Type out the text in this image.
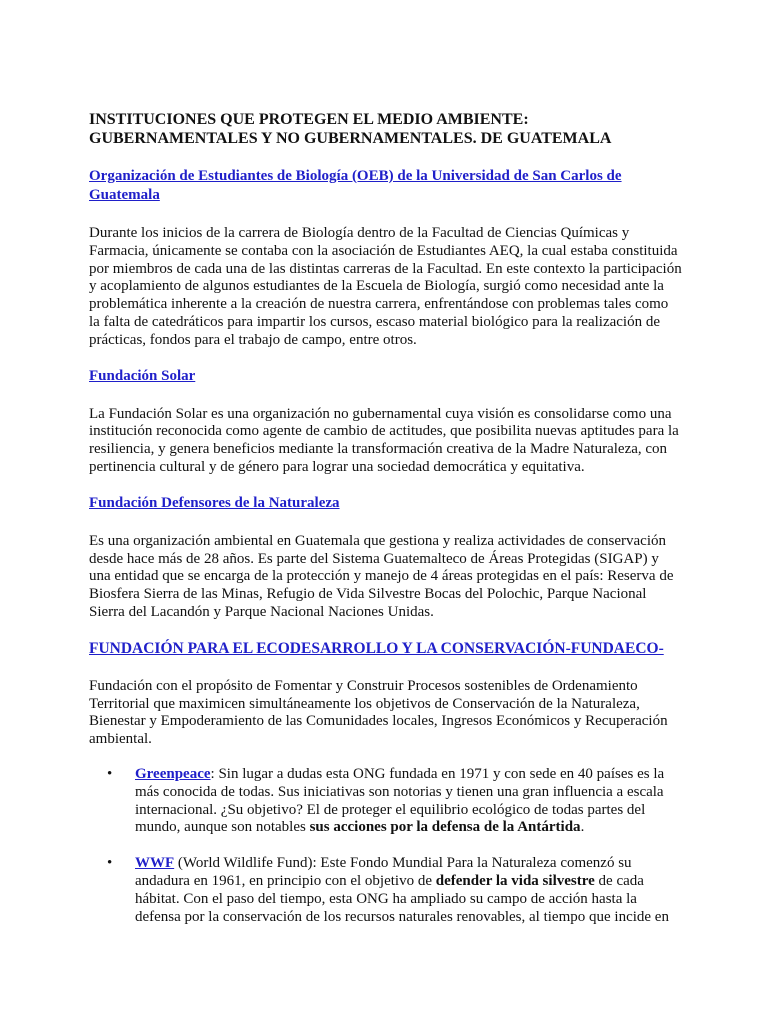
INSTITUCIONES QUE PROTEGEN EL MEDIO AMBIENTE: GUBERNAMENTALES Y NO GUBERNAMENTALES. DE GUATEMALA
Organización de Estudiantes de Biología (OEB) de la Universidad de San Carlos de Guatemala

Durante los inicios de la carrera de Biología dentro de la Facultad de Ciencias Químicas y Farmacia, únicamente se contaba con la asociación de Estudiantes AEQ, la cual estaba constituida por miembros de cada una de las distintas carreras de la Facultad. En este contexto la participación y acoplamiento de algunos estudiantes de la Escuela de Biología, surgió como necesidad ante la problemática inherente a la creación de nuestra carrera, enfrentándose con problemas tales como la falta de catedráticos para impartir los cursos, escaso material biológico para la realización de prácticas, fondos para el trabajo de campo, entre otros.

Fundación Solar

La Fundación Solar es una organización no gubernamental cuya visión es consolidarse como una institución reconocida como agente de cambio de actitudes, que posibilita nuevas aptitudes para la resiliencia, y genera beneficios mediante la transformación creativa de la Madre Naturaleza, con pertinencia cultural y de género para lograr una sociedad democrática y equitativa.

Fundación Defensores de la Naturaleza

Es una organización ambiental en Guatemala que gestiona y realiza actividades de conservación desde hace más de 28 años. Es parte del Sistema Guatemalteco de Áreas Protegidas (SIGAP) y una entidad que se encarga de la protección y manejo de 4 áreas protegidas en el país: Reserva de Biosfera Sierra de las Minas, Refugio de Vida Silvestre Bocas del Polochic, Parque Nacional Sierra del Lacandón y Parque Nacional Naciones Unidas.

FUNDACIÓN PARA EL ECODESARROLLO Y LA CONSERVACIÓN-FUNDAECO-

Fundación con el propósito de Fomentar y Construir Procesos sostenibles de Ordenamiento Territorial que maximicen simultáneamente los objetivos de Conservación de la Naturaleza, Bienestar y Empoderamiento de las Comunidades locales, Ingresos Económicos y Recuperación ambiental.

• Greenpeace: Sin lugar a dudas esta ONG fundada en 1971 y con sede en 40 países es la más conocida de todas. Sus iniciativas son notorias y tienen una gran influencia a escala internacional. ¿Su objetivo? El de proteger el equilibrio ecológico de todas partes del mundo, aunque son notables sus acciones por la defensa de la Antártida.
• WWF (World Wildlife Fund): Este Fondo Mundial Para la Naturaleza comenzó su andadura en 1961, en principio con el objetivo de defender la vida silvestre de cada hábitat. Con el paso del tiempo, esta ONG ha ampliado su campo de acción hasta la defensa por la conservación de los recursos naturales renovables, al tiempo que incide en
